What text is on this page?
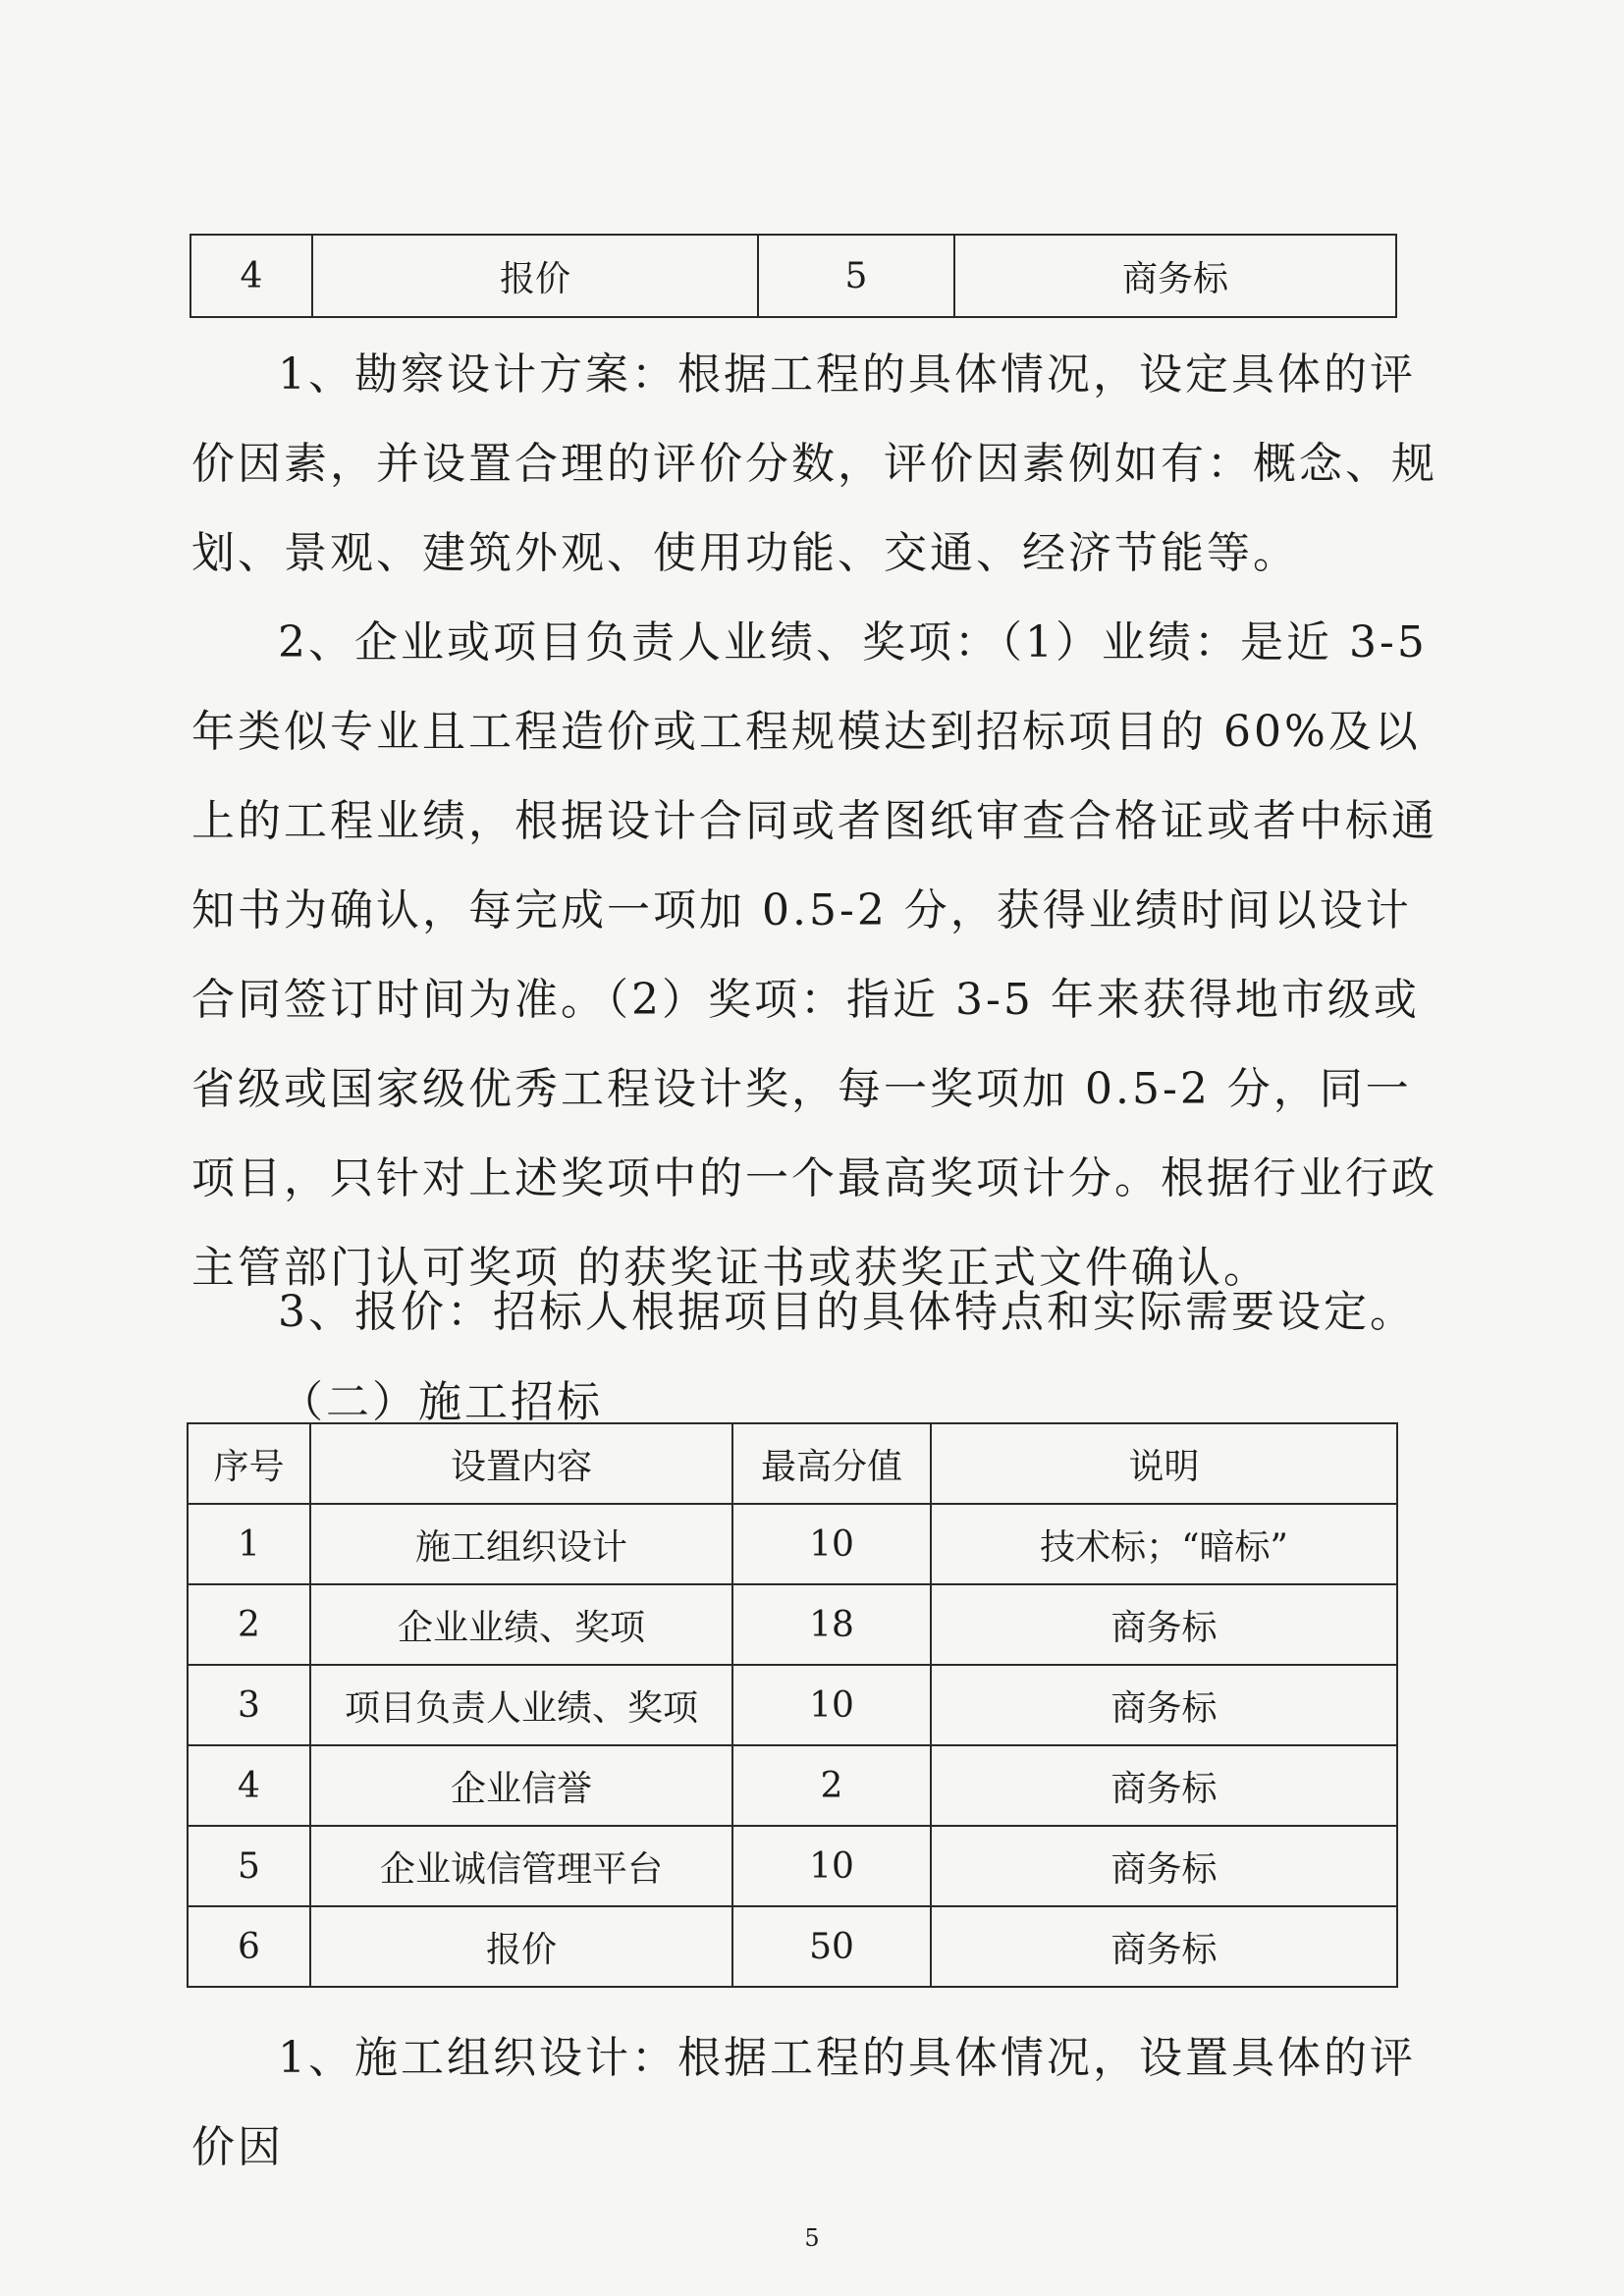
4	报价	5	商务标

1、勘察设计方案：根据工程的具体情况，设定具体的评价因素，并设置合理的评价分数，评价因素例如有：概念、规划、景观、建筑外观、使用功能、交通、经济节能等。

2、企业或项目负责人业绩、奖项：（1）业绩：是近 3-5 年类似专业且工程造价或工程规模达到招标项目的 60%及以上的工程业绩，根据设计合同或者图纸审查合格证或者中标通知书为确认，每完成一项加 0.5-2 分，获得业绩时间以设计合同签订时间为准。（2）奖项：指近 3-5 年来获得地市级或省级或国家级优秀工程设计奖，每一奖项加 0.5-2 分，同一项目，只针对上述奖项中的一个最高奖项计分。根据行业行政主管部门认可奖项 的获奖证书或获奖正式文件确认。

3、报价：招标人根据项目的具体特点和实际需要设定。

（二）施工招标

序号	设置内容	最高分值	说明
1	施工组织设计	10	技术标；“暗标”
2	企业业绩、奖项	18	商务标
3	项目负责人业绩、奖项	10	商务标
4	企业信誉	2	商务标
5	企业诚信管理平台	10	商务标
6	报价	50	商务标

1、施工组织设计：根据工程的具体情况，设置具体的评价因

5
